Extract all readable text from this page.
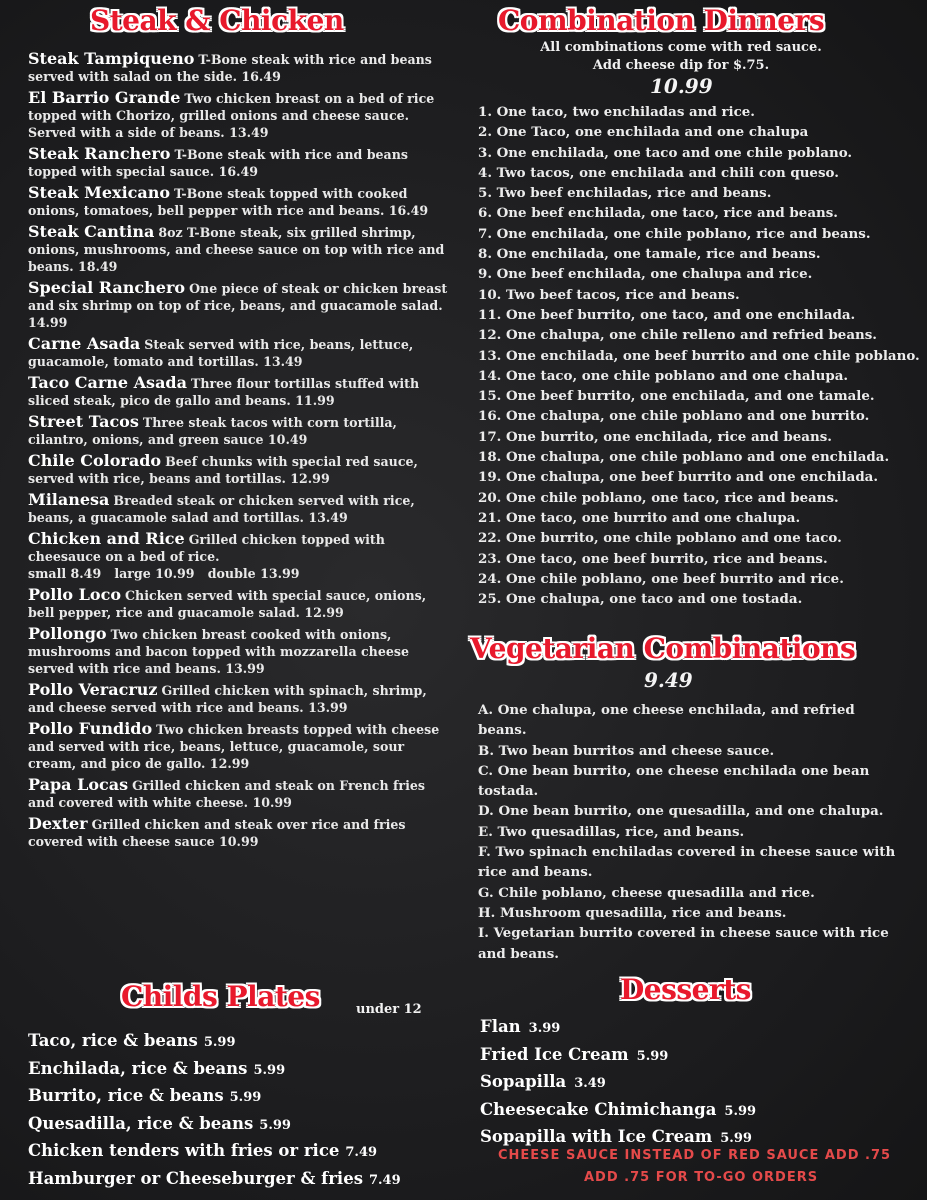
Steak & Chicken	Combination Dinners
All combinations come with red sauce.
Add cheese dip for $.75.
10.99
Steak Tampiqueno T-Bone steak with rice and beans served with salad on the side. 16.49
El Barrio Grande Two chicken breast on a bed of rice topped with Chorizo, grilled onions and cheese sauce. Served with a side of beans. 13.49
Steak Ranchero T-Bone steak with rice and beans topped with special sauce. 16.49
Steak Mexicano T-Bone steak topped with cooked onions, tomatoes, bell pepper with rice and beans. 16.49
Steak Cantina 8oz T-Bone steak, six grilled shrimp, onions, mushrooms, and cheese sauce on top with rice and beans. 18.49
Special Ranchero One piece of steak or chicken breast and six shrimp on top of rice, beans, and guacamole salad. 14.99
Carne Asada Steak served with rice, beans, lettuce, guacamole, tomato and tortillas. 13.49
Taco Carne Asada Three flour tortillas stuffed with sliced steak, pico de gallo and beans. 11.99
Street Tacos Three steak tacos with corn tortilla, cilantro, onions, and green sauce 10.49
Chile Colorado Beef chunks with special red sauce, served with rice, beans and tortillas. 12.99
Milanesa Breaded steak or chicken served with rice, beans, a guacamole salad and tortillas. 13.49
Chicken and Rice Grilled chicken topped with cheesauce on a bed of rice.
small 8.49   large 10.99   double 13.99
Pollo Loco Chicken served with special sauce, onions, bell pepper, rice and guacamole salad. 12.99
Pollongo Two chicken breast cooked with onions, mushrooms and bacon topped with mozzarella cheese served with rice and beans. 13.99
Pollo Veracruz Grilled chicken with spinach, shrimp, and cheese served with rice and beans. 13.99
Pollo Fundido Two chicken breasts topped with cheese and served with rice, beans, lettuce, guacamole, sour cream, and pico de gallo. 12.99
Papa Locas Grilled chicken and steak on French fries and covered with white cheese. 10.99
Dexter Grilled chicken and steak over rice and fries covered with cheese sauce 10.99
1. One taco, two enchiladas and rice.
2. One Taco, one enchilada and one chalupa
3. One enchilada, one taco and one chile poblano.
4. Two tacos, one enchilada and chili con queso.
5. Two beef enchiladas, rice and beans.
6. One beef enchilada, one taco, rice and beans.
7. One enchilada, one chile poblano, rice and beans.
8. One enchilada, one tamale, rice and beans.
9. One beef enchilada, one chalupa and rice.
10. Two beef tacos, rice and beans.
11. One beef burrito, one taco, and one enchilada.
12. One chalupa, one chile relleno and refried beans.
13. One enchilada, one beef burrito and one chile poblano.
14. One taco, one chile poblano and one chalupa.
15. One beef burrito, one enchilada, and one tamale.
16. One chalupa, one chile poblano and one burrito.
17. One burrito, one enchilada, rice and beans.
18. One chalupa, one chile poblano and one enchilada.
19. One chalupa, one beef burrito and one enchilada.
20. One chile poblano, one taco, rice and beans.
21. One taco, one burrito and one chalupa.
22. One burrito, one chile poblano and one taco.
23. One taco, one beef burrito, rice and beans.
24. One chile poblano, one beef burrito and rice.
25. One chalupa, one taco and one tostada.
Vegetarian Combinations
9.49
A. One chalupa, one cheese enchilada, and refried beans.
B. Two bean burritos and cheese sauce.
C. One bean burrito, one cheese enchilada one bean tostada.
D. One bean burrito, one quesadilla, and one chalupa.
E. Two quesadillas, rice, and beans.
F. Two spinach enchiladas covered in cheese sauce with rice and beans.
G. Chile poblano, cheese quesadilla and rice.
H. Mushroom quesadilla, rice and beans.
I. Vegetarian burrito covered in cheese sauce with rice and beans.
Childs Plates	under 12
Taco, rice & beans 5.99
Enchilada, rice & beans 5.99
Burrito, rice & beans 5.99
Quesadilla, rice & beans 5.99
Chicken tenders with fries or rice 7.49
Hamburger or Cheeseburger & fries 7.49
Desserts
Flan 3.99
Fried Ice Cream 5.99
Sopapilla 3.49
Cheesecake Chimichanga 5.99
Sopapilla with Ice Cream 5.99
CHEESE SAUCE INSTEAD OF RED SAUCE ADD .75
ADD .75 FOR TO-GO ORDERS
